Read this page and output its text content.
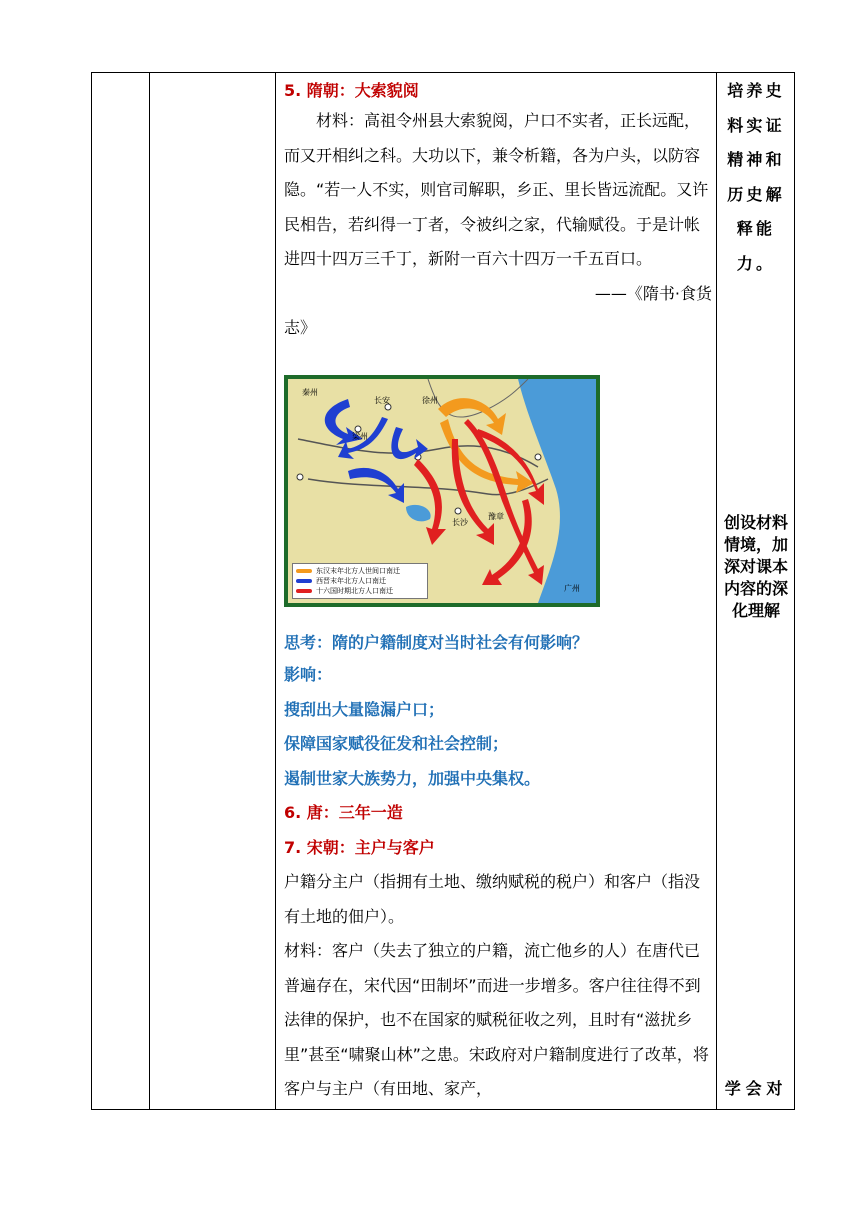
5. 隋朝：大索貌阅
材料：高祖令州县大索貌阅，户口不实者，正长远配，而又开相纠之科。大功以下，兼令析籍，各为户头，以防容隐。“若一人不实，则官司解职，乡正、里长皆远流配。又许民相告，若纠得一丁者，令被纠之家，代输赋役。于是计帐进四十四万三千丁，新附一百六十四万一千五百口。
——《隋书·食货
志》
秦州
长安	徐州
梁州
长沙
豫章
广州
东汉末年北方人世间口南迁
西晋末年北方人口南迁
十六国时期北方人口南迁
思考：隋的户籍制度对当时社会有何影响？
影响：
搜刮出大量隐漏户口；
保障国家赋役征发和社会控制；
遏制世家大族势力，加强中央集权。
6. 唐：三年一造
7. 宋朝：主户与客户
户籍分主户（指拥有土地、缴纳赋税的税户）和客户（指没有土地的佃户）。
材料：客户（失去了独立的户籍，流亡他乡的人）在唐代已普遍存在，宋代因“田制坏”而进一步增多。客户往往得不到法律的保护，也不在国家的赋税征收之列，且时有“滋扰乡里”甚至“啸聚山林”之患。宋政府对户籍制度进行了改革，将客户与主户（有田地、家产，
培养史料实证精神和历史解释能力。
创设材料情境，加深对课本内容的深化理解
学会对
